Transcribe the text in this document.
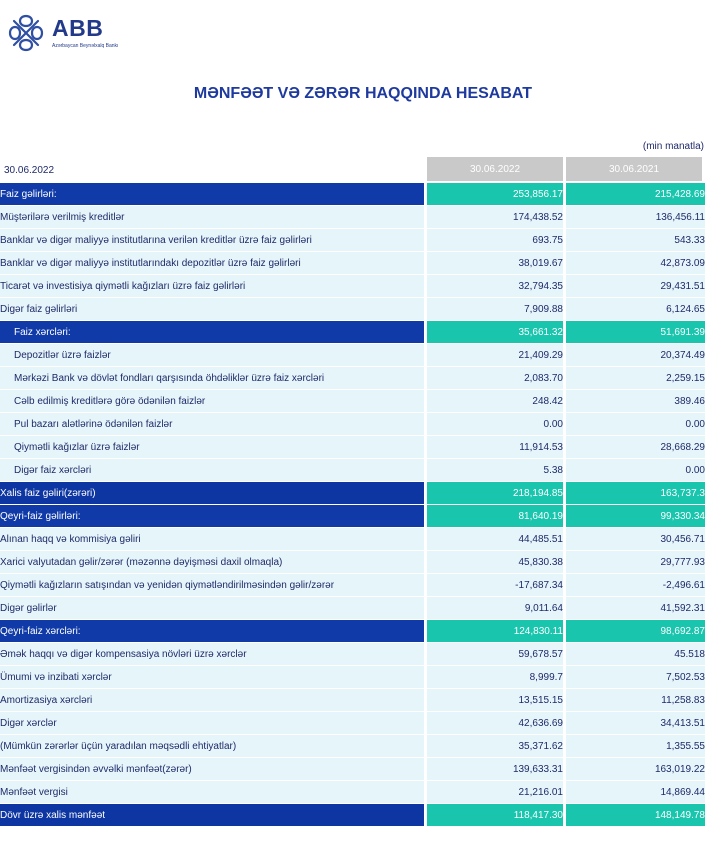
ABB
Azərbaycan Beynəlxalq Bankı
MƏNFƏƏT VƏ ZƏRƏR HAQQINDA HESABAT
(min manatla)
30.06.2022	30.06.2022	30.06.2021
Faiz gəlirləri:		253,856.17		215,428.69
Müştərilərə verilmiş kreditlər		174,438.52		136,456.11
Banklar və digər maliyyə institutlarına verilən kreditlər üzrə faiz gəlirləri		693.75		543.33
Banklar və digər maliyyə institutlarındakı depozitlər üzrə faiz gəlirləri		38,019.67		42,873.09
Ticarət və investisiya qiymətli kağızları üzrə faiz gəlirləri		32,794.35		29,431.51
Digər faiz gəlirləri		7,909.88		6,124.65
Faiz xərcləri:		35,661.32		51,691.39
Depozitlər üzrə faizlər		21,409.29		20,374.49
Mərkəzi Bank və dövlət fondları qarşısında öhdəliklər üzrə faiz xərcləri		2,083.70		2,259.15
Cəlb edilmiş kreditlərə görə ödənilən faizlər		248.42		389.46
Pul bazarı alətlərinə ödənilən faizlər		0.00		0.00
Qiymətli kağızlar üzrə faizlər		11,914.53		28,668.29
Digər faiz xərcləri		5.38		0.00
Xalis faiz gəliri(zərəri)		218,194.85		163,737.3
Qeyri-faiz gəlirləri:		81,640.19		99,330.34
Alınan haqq və kommisiya gəliri		44,485.51		30,456.71
Xarici valyutadan gəlir/zərər (məzənnə dəyişməsi daxil olmaqla)		45,830.38		29,777.93
Qiymətli kağızların satışından və yenidən qiymətləndirilməsindən gəlir/zərər		-17,687.34		-2,496.61
Digər gəlirlər		9,011.64		41,592.31
Qeyri-faiz xərcləri:		124,830.11		98,692.87
Əmək haqqı və digər kompensasiya növləri üzrə xərclər		59,678.57		45.518
Ümumi və inzibati xərclər		8,999.7		7,502.53
Amortizasiya xərcləri		13,515.15		11,258.83
Digər xərclər		42,636.69		34,413.51
(Mümkün zərərlər üçün yaradılan məqsədli ehtiyatlar)		35,371.62		1,355.55
Mənfəət vergisindən əvvəlki mənfəət(zərər)		139,633.31		163,019.22
Mənfəət vergisi		21,216.01		14,869.44
Dövr üzrə xalis mənfəət		118,417.30		148,149.78
